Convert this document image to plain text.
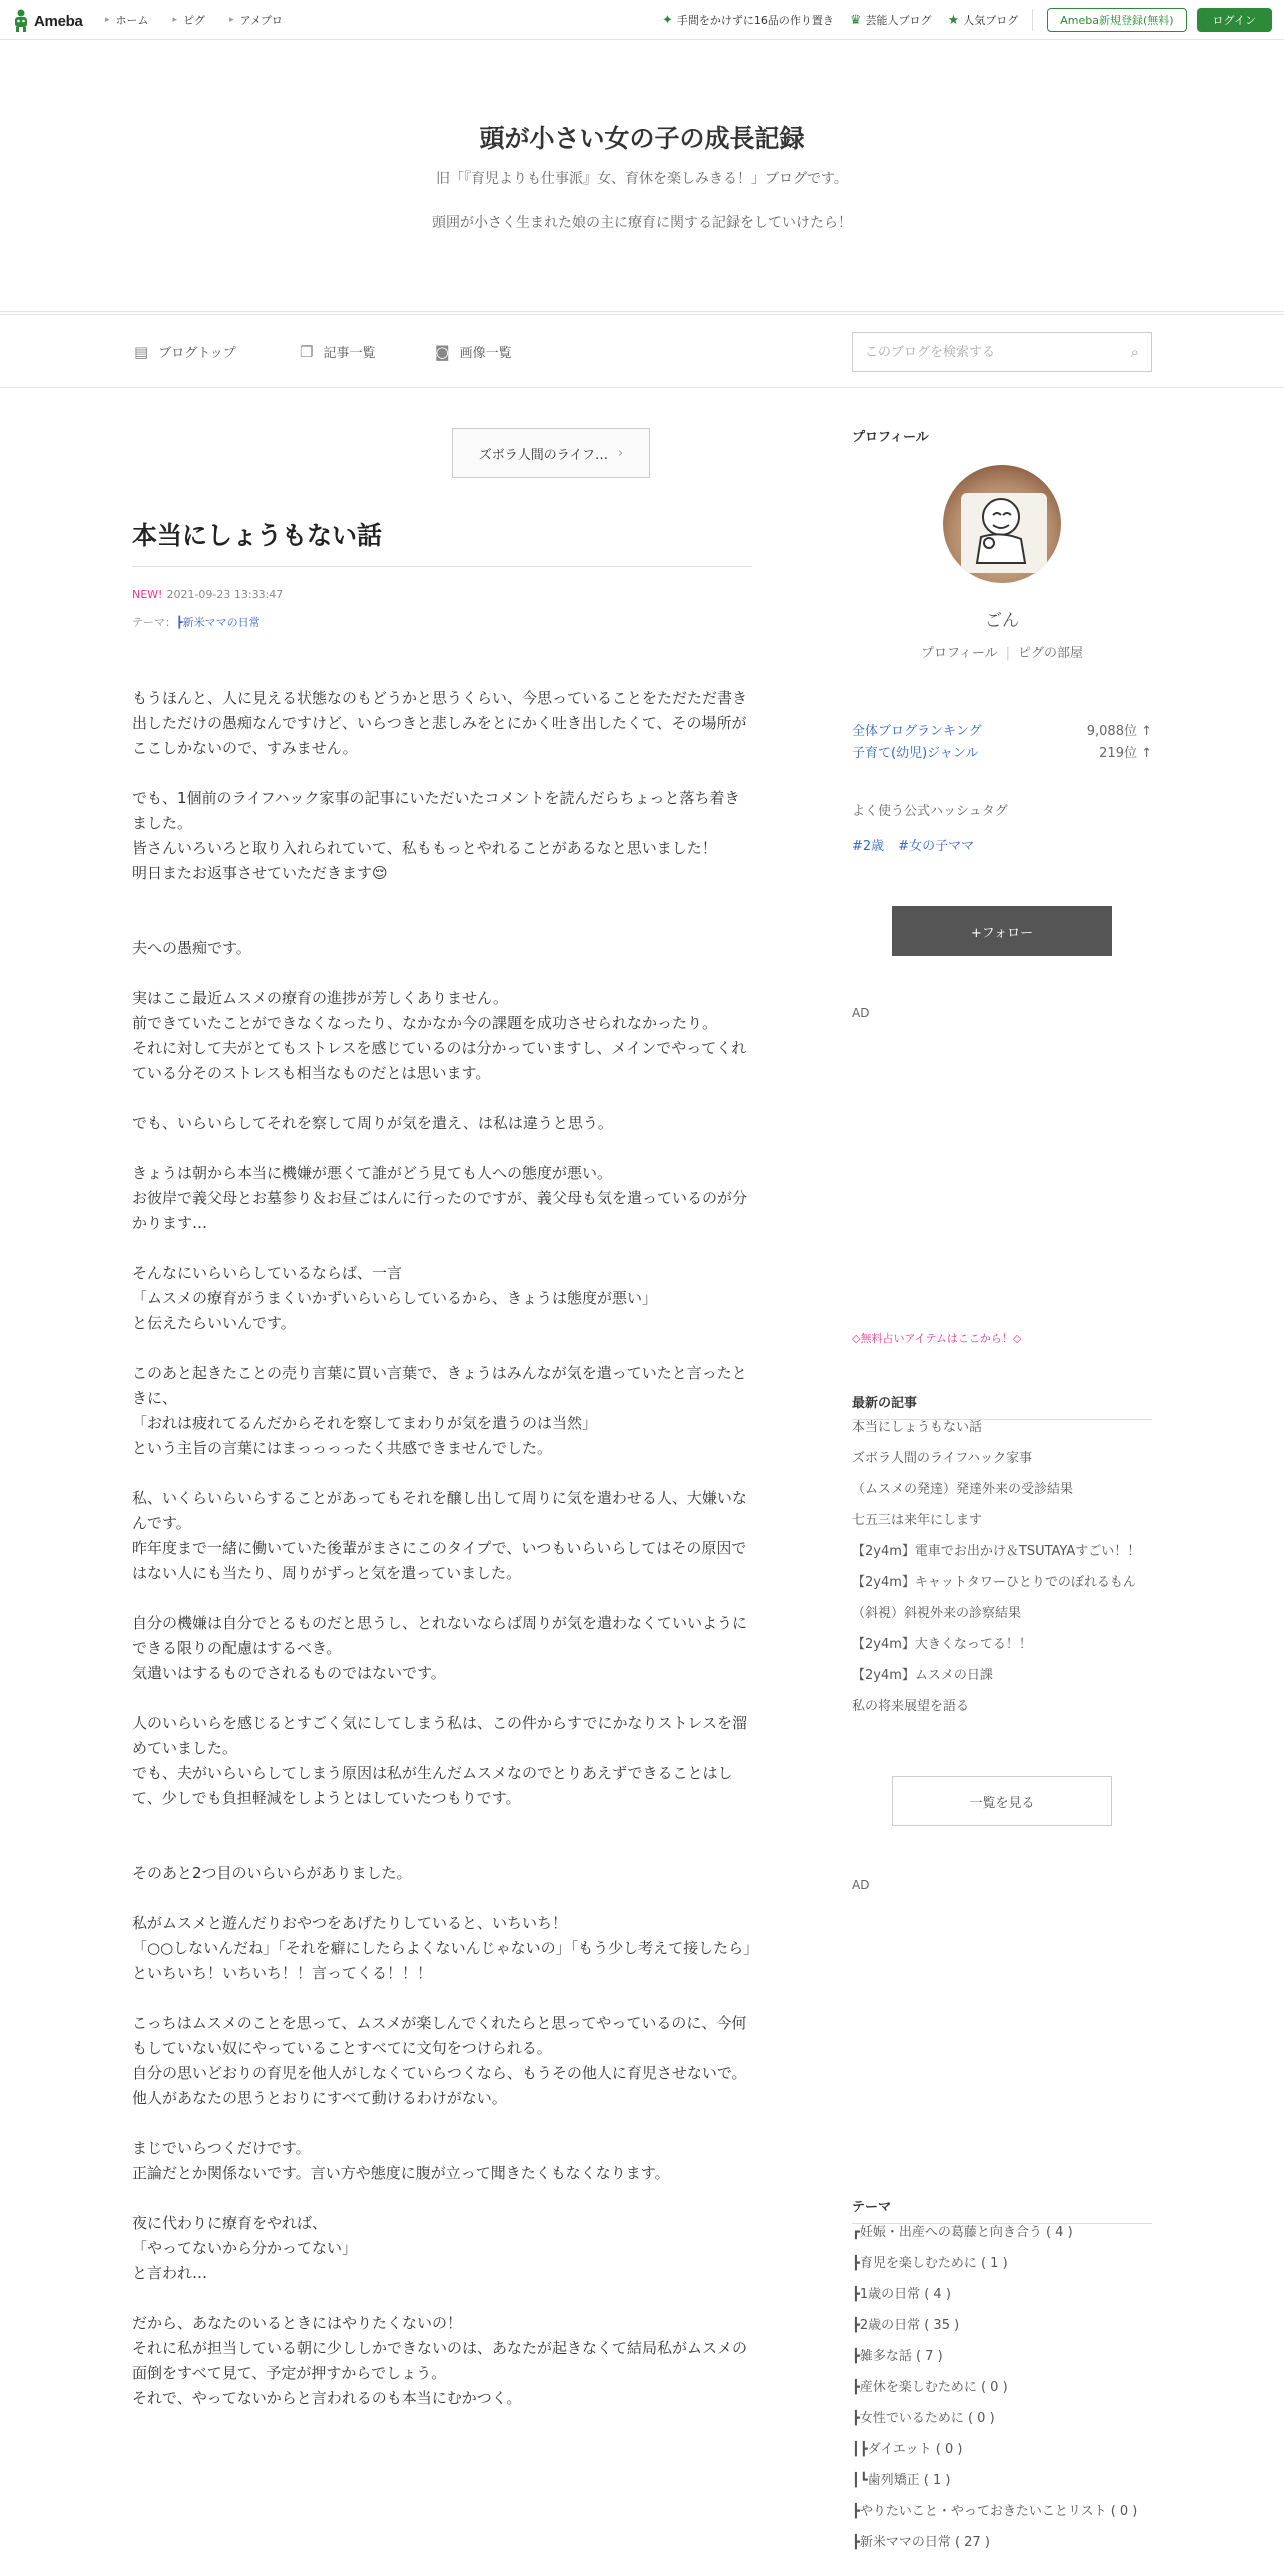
Ameba ▸ ホーム	▸ ピグ	▸ アメブロ	✦ 手間をかけずに16品の作り置き ♛ 芸能人ブログ ★ 人気ブログ	Ameba新規登録(無料)	ログイン
頭が小さい女の子の成長記録
旧「『育児よりも仕事派』女、育休を楽しみきる！」ブログです。
頭囲が小さく生まれた娘の主に療育に関する記録をしていけたら！
▤ ブログトップ	❐ 記事一覧	◙ 画像一覧
このブログを検索する	⌕
ズボラ人間のライフ… ›
本当にしょうもない話
NEW! 2021-09-23 13:33:47
テーマ：┣新米ママの日常

もうほんと、人に見える状態なのもどうかと思うくらい、今思っていることをただただ書き出しただけの愚痴なんですけど、いらつきと悲しみをとにかく吐き出したくて、その場所がここしかないので、すみません。

でも、1個前のライフハック家事の記事にいただいたコメントを読んだらちょっと落ち着きました。

皆さんいろいろと取り入れられていて、私ももっとやれることがあるなと思いました！

明日またお返事させていただきます😌

夫への愚痴です。

実はここ最近ムスメの療育の進捗が芳しくありません。

前できていたことができなくなったり、なかなか今の課題を成功させられなかったり。

それに対して夫がとてもストレスを感じているのは分かっていますし、メインでやってくれている分そのストレスも相当なものだとは思います。

でも、いらいらしてそれを察して周りが気を遣え、は私は違うと思う。

きょうは朝から本当に機嫌が悪くて誰がどう見ても人への態度が悪い。

お彼岸で義父母とお墓参り＆お昼ごはんに行ったのですが、義父母も気を遣っているのが分かります…

そんなにいらいらしているならば、一言

「ムスメの療育がうまくいかずいらいらしているから、きょうは態度が悪い」

と伝えたらいいんです。

このあと起きたことの売り言葉に買い言葉で、きょうはみんなが気を遣っていたと言ったときに、

「おれは疲れてるんだからそれを察してまわりが気を遣うのは当然」

という主旨の言葉にはまっっっったく共感できませんでした。

私、いくらいらいらすることがあってもそれを醸し出して周りに気を遣わせる人、大嫌いなんです。

昨年度まで一緒に働いていた後輩がまさにこのタイプで、いつもいらいらしてはその原因ではない人にも当たり、周りがずっと気を遣っていました。

自分の機嫌は自分でとるものだと思うし、とれないならば周りが気を遣わなくていいようにできる限りの配慮はするべき。

気遣いはするものでされるものではないです。

人のいらいらを感じるとすごく気にしてしまう私は、この件からすでにかなりストレスを溜めていました。

でも、夫がいらいらしてしまう原因は私が生んだムスメなのでとりあえずできることはして、少しでも負担軽減をしようとはしていたつもりです。

そのあと2つ目のいらいらがありました。

私がムスメと遊んだりおやつをあげたりしていると、いちいち！

「○○しないんだね」「それを癖にしたらよくないんじゃないの」「もう少し考えて接したら」

といちいち！いちいち！！言ってくる！！！

こっちはムスメのことを思って、ムスメが楽しんでくれたらと思ってやっているのに、今何もしていない奴にやっていることすべてに文句をつけられる。

自分の思いどおりの育児を他人がしなくていらつくなら、もうその他人に育児させないで。

他人があなたの思うとおりにすべて動けるわけがない。

まじでいらつくだけです。

正論だとか関係ないです。言い方や態度に腹が立って聞きたくもなくなります。

夜に代わりに療育をやれば、

「やってないから分かってない」

と言われ…

だから、あなたのいるときにはやりたくないの！

それに私が担当している朝に少ししかできないのは、あなたが起きなくて結局私がムスメの面倒をすべて見て、予定が押すからでしょう。

それで、やってないからと言われるのも本当にむかつく。

プロフィール
ごん
プロフィール | ピグの部屋
全体ブログランキング	9,088位 ↑
子育て(幼児)ジャンル	219位 ↑
よく使う公式ハッシュタグ
#2歳 #女の子ママ
+フォロー
AD
◇無料占いアイテムはここから！◇
最新の記事
本当にしょうもない話
ズボラ人間のライフハック家事
（ムスメの発達）発達外来の受診結果
七五三は来年にします
【2y4m】電車でお出かけ＆TSUTAYAすごい！！
【2y4m】キャットタワーひとりでのぼれるもん
（斜視）斜視外来の診察結果
【2y4m】大きくなってる！！
【2y4m】ムスメの日課
私の将来展望を語る
一覧を見る
AD
テーマ
┏妊娠・出産への葛藤と向き合う ( 4 )
┣育児を楽しむために ( 1 )
┣1歳の日常 ( 4 )
┣2歳の日常 ( 35 )
┣雑多な話 ( 7 )
┣産休を楽しむために ( 0 )
┣女性でいるために ( 0 )
┃┣ダイエット ( 0 )
┃┗歯列矯正 ( 1 )
┣やりたいこと・やっておきたいことリスト ( 0 )
┣新米ママの日常 ( 27 )
